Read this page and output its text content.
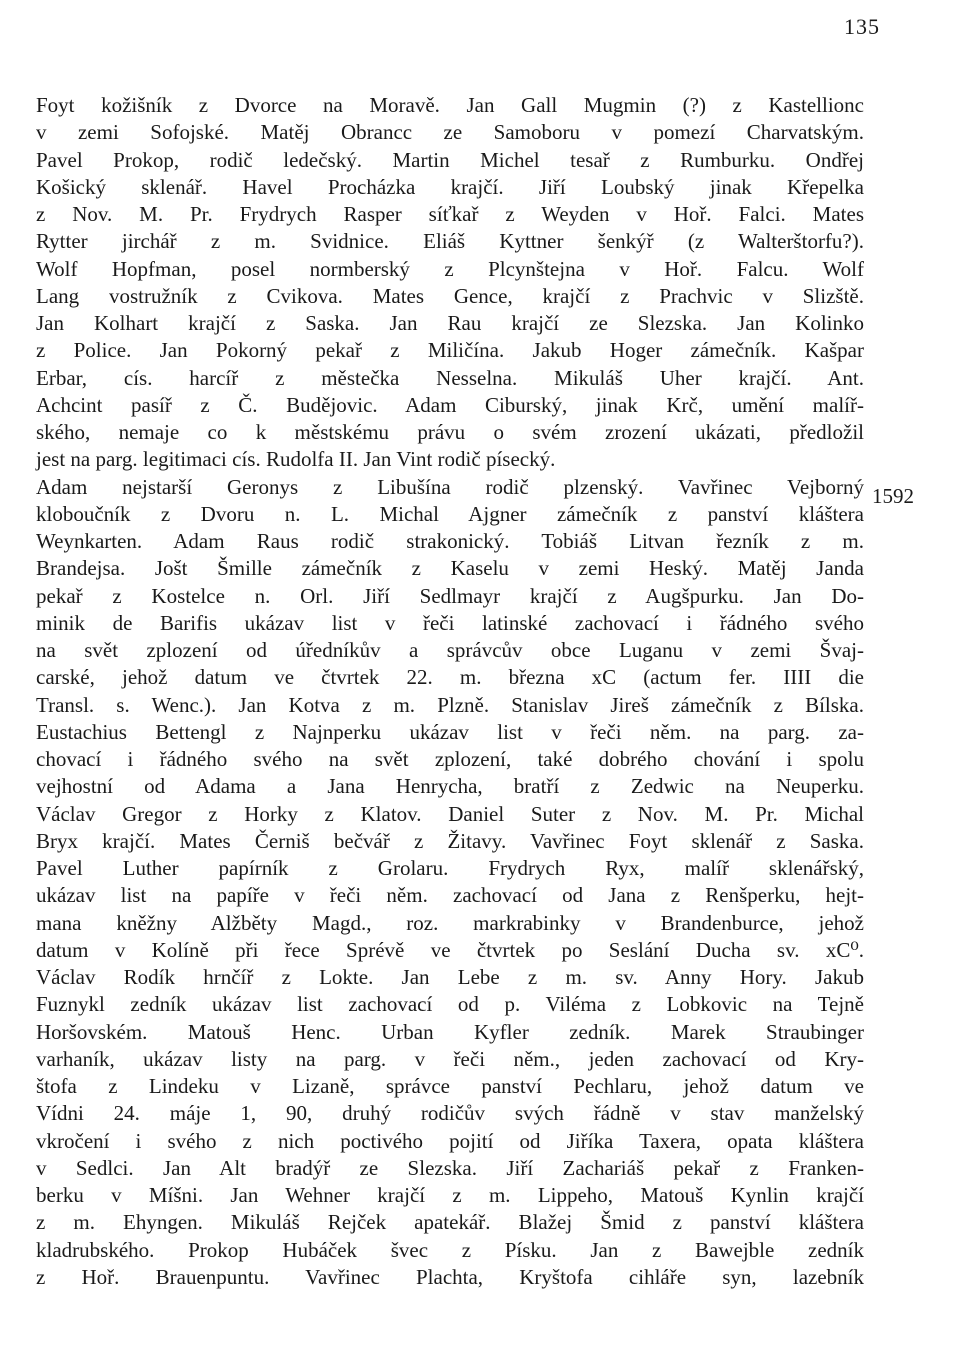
135
1592
Foyt kožišník z Dvorce na Moravě. Jan Gall Mugmin (?) z Kastellionc
v zemi Sofojské. Matěj Obrancc ze Samoboru v pomezí Charvatským.
Pavel Prokop, rodič ledečský. Martin Michel tesař z Rumburku. Ondřej
Košický sklenář. Havel Procházka krajčí. Jiří Loubský jinak Křepelka
z Nov. M. Pr. Frydrych Rasper síťkař z Weyden v Hoř. Falci. Mates
Rytter jirchář z m. Svidnice. Eliáš Kyttner šenkýř (z Walterštorfu?).
Wolf Hopfman, posel normberský z Plcynštejna v Hoř. Falcu. Wolf
Lang vostružník z Cvikova. Mates Gence, krajčí z Prachvic v Slizště.
Jan Kolhart krajčí z Saska. Jan Rau krajčí ze Slezska. Jan Kolinko
z Police. Jan Pokorný pekař z Miličína. Jakub Hoger zámečník. Kašpar
Erbar, cís. harcíř z městečka Nesselna. Mikuláš Uher krajčí. Ant.
Achcint pasíř z Č. Budějovic. Adam Ciburský, jinak Krč, umění malíř-
ského, nemaje co k městskému právu o svém zrození ukázati, předložil
jest na parg. legitimaci cís. Rudolfa II. Jan Vint rodič písecký.
Adam nejstarší Geronys z Libušína rodič plzenský. Vavřinec Vejborný
kloboučník z Dvoru n. L. Michal Ajgner zámečník z panství kláštera
Weynkarten. Adam Raus rodič strakonický. Tobiáš Litvan řezník z m.
Brandejsa. Jošt Šmille zámečník z Kaselu v zemi Heský. Matěj Janda
pekař z Kostelce n. Orl. Jiří Sedlmayr krajčí z Augšpurku. Jan Do-
minik de Barifis ukázav list v řeči latinské zachovací i řádného svého
na svět zplození od úředníkův a správcův obce Luganu v zemi Švaj-
carské, jehož datum ve čtvrtek 22. m. března xC (actum fer. IIII die
Transl. s. Wenc.). Jan Kotva z m. Plzně. Stanislav Jireš zámečník z Bílska.
Eustachius Bettengl z Najnperku ukázav list v řeči něm. na parg. za-
chovací i řádného svého na svět zplození, také dobrého chování i spolu
vejhostní od Adama a Jana Henrycha, bratří z Zedwic na Neuperku.
Václav Gregor z Horky z Klatov. Daniel Suter z Nov. M. Pr. Michal
Bryx krajčí. Mates Černiš bečvář z Žitavy. Vavřinec Foyt sklenář z Saska.
Pavel Luther papírník z Grolaru. Frydrych Ryx, malíř sklenářský,
ukázav list na papíře v řeči něm. zachovací od Jana z Renšperku, hejt-
mana kněžny Alžběty Magd., roz. markrabinky v Brandenburce, jehož
datum v Kolíně při řece Sprévě ve čtvrtek po Seslání Ducha sv. xC⁰.
Václav Rodík hrnčíř z Lokte. Jan Lebe z m. sv. Anny Hory. Jakub
Fuznykl zedník ukázav list zachovací od p. Viléma z Lobkovic na Tejně
Horšovském. Matouš Henc. Urban Kyfler zedník. Marek Straubinger
varhaník, ukázav listy na parg. v řeči něm., jeden zachovací od Kry-
štofa z Lindeku v Lizaně, správce panství Pechlaru, jehož datum ve
Vídni 24. máje 1, 90, druhý rodičův svých řádně v stav manželský
vkročení i svého z nich poctivého pojití od Jiříka Taxera, opata kláštera
v Sedlci. Jan Alt bradýř ze Slezska. Jiří Zachariáš pekař z Franken-
berku v Míšni. Jan Wehner krajčí z m. Lippeho, Matouš Kynlin krajčí
z m. Ehyngen. Mikuláš Rejček apatekář. Blažej Šmid z panství kláštera
kladrubského. Prokop Hubáček švec z Písku. Jan z Bawejble zedník
z Hoř. Brauenpuntu. Vavřinec Plachta, Kryštofa cihláře syn, lazebník
